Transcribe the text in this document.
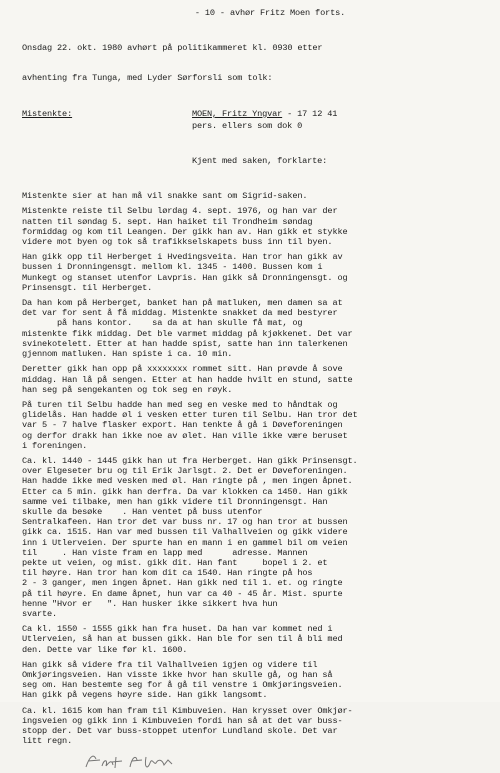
- 10 - avhør Fritz Moen forts.

Onsdag 22. okt. 1980 avhørt på politikammeret kl. 0930 etter

avhenting fra Tunga, med Lyder Sørforsli som tolk:

Mistenkte:	MOEN, Fritz Yngvar - 17 12 41
pers. ellers som dok 0

Kjent med saken, forklarte:

Mistenkte sier at han må vil snakke sant om Sigrid-saken.
Mistenkte reiste til Selbu lørdag 4. sept. 1976, og han var der
natten til søndag 5. sept. Han haiket til Trondheim søndag
formiddag og kom til Leangen. Der gikk han av. Han gikk et stykke
videre mot byen og tok så trafikkselskapets buss inn til byen.
Han gikk opp til Herberget i Hvedingsveita. Han tror han gikk av
bussen i Dronningensgt. mellom kl. 1345 - 1400. Bussen kom i
Munkegt og stanset utenfor Lavpris. Han gikk så Dronningensgt. og
Prinsensgt. til Herberget.
Da han kom på Herberget, banket han på matluken, men damen sa at
det var for sent å få middag. Mistenkte snakket da med bestyrer
på hans kontor.    sa da at han skulle få mat, og
mistenkte fikk middag. Det ble varmet middag på kjøkkenet. Det var
svinekotelett. Etter at han hadde spist, satte han inn talerkenen
gjennom matluken. Han spiste i ca. 10 min.
Deretter gikk han opp på xxxxxxxx rommet sitt. Han prøvde å sove
middag. Han lå på sengen. Etter at han hadde hvilt en stund, satte
han seg på sengekanten og tok seg en røyk.
På turen til Selbu hadde han med seg en veske med to håndtak og
glidelås. Han hadde øl i vesken etter turen til Selbu. Han tror det
var 5 - 7 halve flasker export. Han tenkte å gå i Døveforeningen
og derfor drakk han ikke noe av ølet. Han ville ikke være beruset
i foreningen.
Ca. kl. 1440 - 1445 gikk han ut fra Herberget. Han gikk Prinsensgt.
over Elgeseter bru og til Erik Jarlsgt. 2. Det er Døveforeningen.
Han hadde ikke med vesken med øl. Han ringte på , men ingen åpnet.
Etter ca 5 min. gikk han derfra. Da var klokken ca 1450. Han gikk
samme vei tilbake, men han gikk videre til Dronningensgt. Han
skulle da besøke    . Han ventet på buss utenfor
Sentralkafeen. Han tror det var buss nr. 17 og han tror at bussen
gikk ca. 1515. Han var med bussen til Valhallveien og gikk videre
inn i Utlerveien. Der spurte han en mann i en gammel bil om veien
til     . Han viste fram en lapp med      adresse. Mannen
pekte ut veien, og mist. gikk dit. Han fant     bopel i 2. et
til høyre. Han tror han kom dit ca 1540. Han ringte på hos
2 - 3 ganger, men ingen åpnet. Han gikk ned til 1. et. og ringte
på til høyre. En dame åpnet, hun var ca 40 - 45 år. Mist. spurte
henne "Hvor er   ". Han husker ikke sikkert hva hun
svarte.
Ca kl. 1550 - 1555 gikk han fra huset. Da han var kommet ned i
Utlerveien, så han at bussen gikk. Han ble for sen til å bli med
den. Dette var like før kl. 1600.
Han gikk så videre fra til Valhallveien igjen og videre til
Omkjøringsveien. Han visste ikke hvor han skulle gå, og han så
seg om. Han bestemte seg for å gå til venstre i Omkjøringsveien.
Han gikk på vegens høyre side. Han gikk langsomt.
Ca. kl. 1615 kom han fram til Kimbuveien. Han krysset over Omkjør-
ingsveien og gikk inn i Kimbuveien fordi han så at det var buss-
stopp der. Det var buss-stoppet utenfor Lundland skole. Det var
litt regn.
